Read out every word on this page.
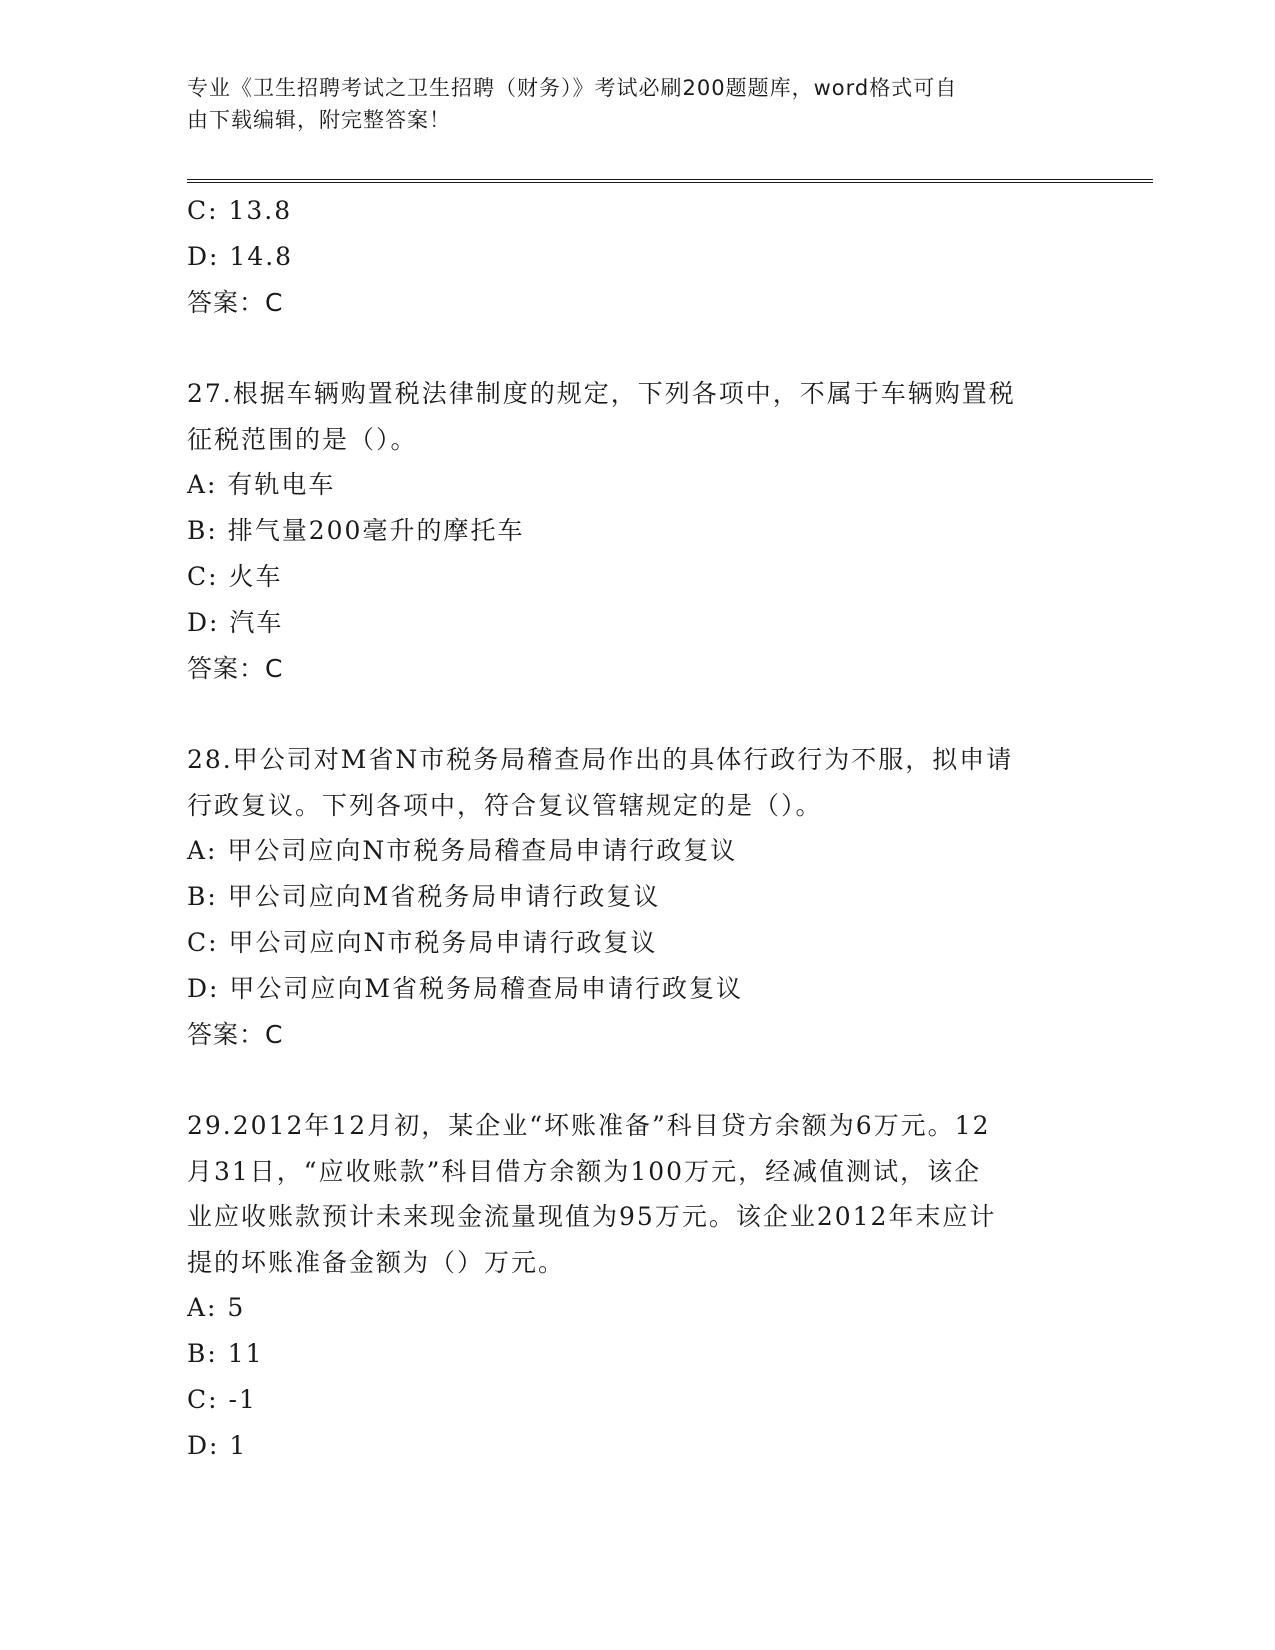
专业《卫生招聘考试之卫生招聘（财务）》考试必刷200题题库，word格式可自
由下载编辑，附完整答案！
C: 13.8
D: 14.8
答案：C
27.根据车辆购置税法律制度的规定，下列各项中，不属于车辆购置税
征税范围的是（）。
A: 有轨电车
B: 排气量200毫升的摩托车
C: 火车
D: 汽车
答案：C
28.甲公司对M省N市税务局稽查局作出的具体行政行为不服，拟申请
行政复议。下列各项中，符合复议管辖规定的是（）。
A: 甲公司应向N市税务局稽查局申请行政复议
B: 甲公司应向M省税务局申请行政复议
C: 甲公司应向N市税务局申请行政复议
D: 甲公司应向M省税务局稽查局申请行政复议
答案：C
29.2012年12月初，某企业“坏账准备”科目贷方余额为6万元。12
月31日，“应收账款”科目借方余额为100万元，经减值测试，该企
业应收账款预计未来现金流量现值为95万元。该企业2012年末应计
提的坏账准备金额为（）万元。
A: 5
B: 11
C: -1
D: 1
